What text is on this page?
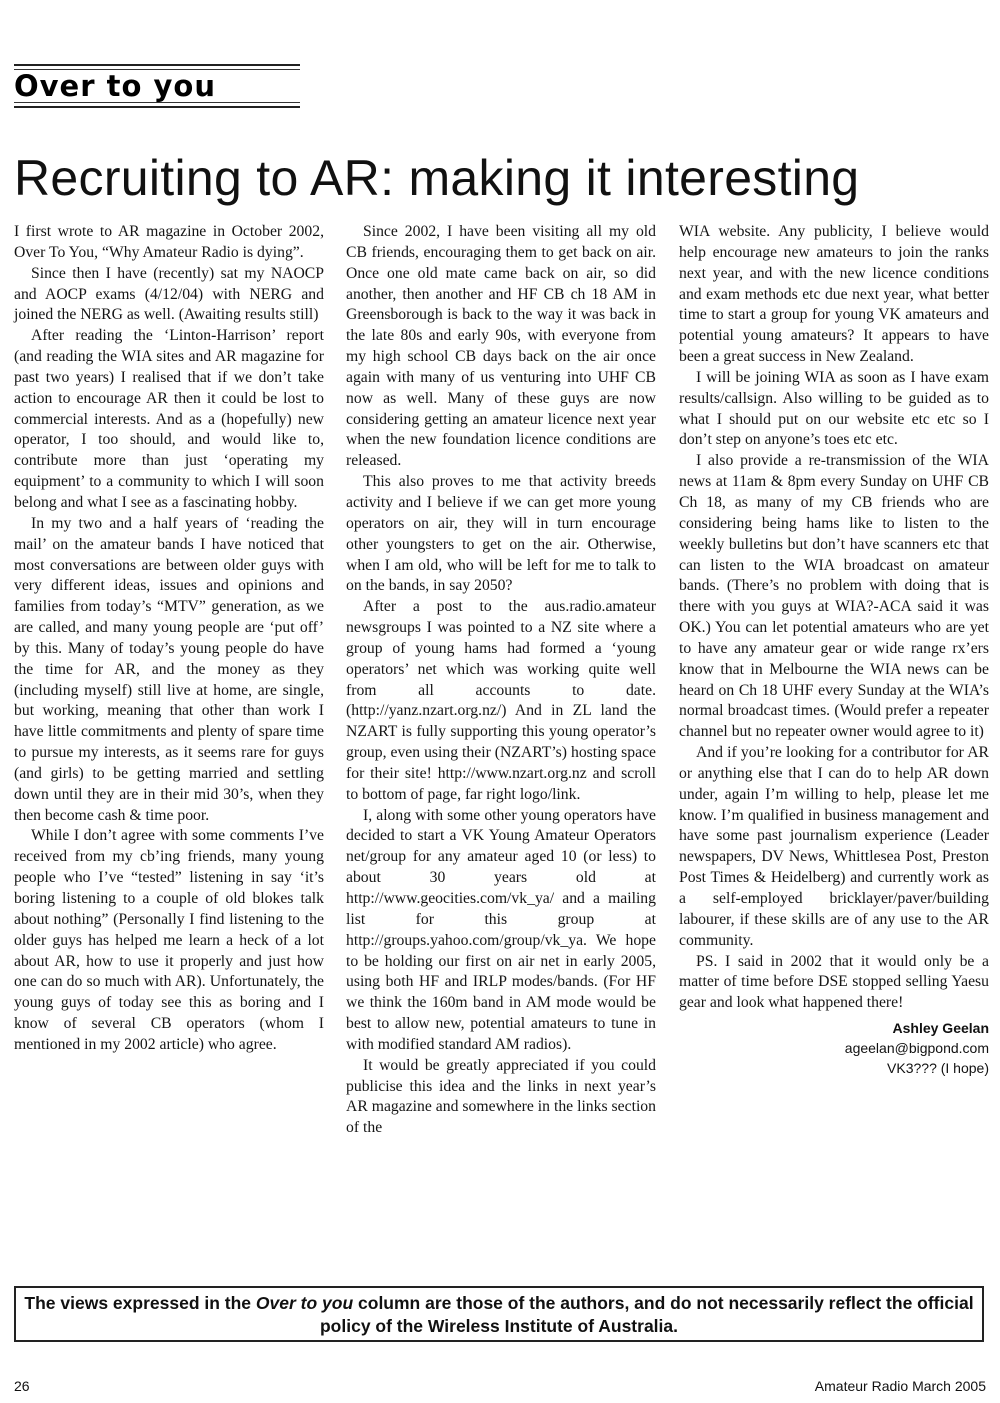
Over to you
Recruiting to AR: making it interesting

I first wrote to AR magazine in October 2002, Over To You, “Why Amateur Radio is dying”.

Since then I have (recently) sat my NAOCP and AOCP exams (4/12/04) with NERG and joined the NERG as well. (Awaiting results still)

After reading the ‘Linton-Harrison’ report (and reading the WIA sites and AR magazine for past two years) I realised that if we don’t take action to encourage AR then it could be lost to commercial interests. And as a (hopefully) new operator, I too should, and would like to, contribute more than just ‘operating my equipment’ to a community to which I will soon belong and what I see as a fascinating hobby.

In my two and a half years of ‘reading the mail’ on the amateur bands I have noticed that most conversations are between older guys with very different ideas, issues and opinions and families from today’s “MTV” generation, as we are called, and many young people are ‘put off’ by this. Many of today’s young people do have the time for AR, and the money as they (including myself) still live at home, are single, but working, meaning that other than work I have little commitments and plenty of spare time to pursue my interests, as it seems rare for guys (and girls) to be getting married and settling down until they are in their mid 30’s, when they then become cash & time poor.

While I don’t agree with some comments I’ve received from my cb’ing friends, many young people who I’ve “tested” listening in say ‘it’s boring listening to a couple of old blokes talk about nothing” (Personally I find listening to the older guys has helped me learn a heck of a lot about AR, how to use it properly and just how one can do so much with AR). Unfortunately, the young guys of today see this as boring and I know of several CB operators (whom I mentioned in my 2002 article) who agree.

Since 2002, I have been visiting all my old CB friends, encouraging them to get back on air. Once one old mate came back on air, so did another, then another and HF CB ch 18 AM in Greensborough is back to the way it was back in the late 80s and early 90s, with everyone from my high school CB days back on the air once again with many of us venturing into UHF CB now as well. Many of these guys are now considering getting an amateur licence next year when the new foundation licence conditions are released.

This also proves to me that activity breeds activity and I believe if we can get more young operators on air, they will in turn encourage other youngsters to get on the air. Otherwise, when I am old, who will be left for me to talk to on the bands, in say 2050?

After a post to the aus.radio.amateur newsgroups I was pointed to a NZ site where a group of young hams had formed a ‘young operators’ net which was working quite well from all accounts to date. (http://yanz.nzart.org.nz/) And in ZL land the NZART is fully supporting this young operator’s group, even using their (NZART’s) hosting space for their site! http://www.nzart.org.nz and scroll to bottom of page, far right logo/link.

I, along with some other young operators have decided to start a VK Young Amateur Operators net/group for any amateur aged 10 (or less) to about 30 years old at http://www.geocities.com/vk_ya/ and a mailing list for this group at http://groups.yahoo.com/group/vk_ya. We hope to be holding our first on air net in early 2005, using both HF and IRLP modes/bands. (For HF we think the 160m band in AM mode would be best to allow new, potential amateurs to tune in with modified standard AM radios).

It would be greatly appreciated if you could publicise this idea and the links in next year’s AR magazine and somewhere in the links section of the

WIA website. Any publicity, I believe would help encourage new amateurs to join the ranks next year, and with the new licence conditions and exam methods etc due next year, what better time to start a group for young VK amateurs and potential young amateurs? It appears to have been a great success in New Zealand.

I will be joining WIA as soon as I have exam results/callsign. Also willing to be guided as to what I should put on our website etc etc so I don’t step on anyone’s toes etc etc.

I also provide a re-transmission of the WIA news at 11am & 8pm every Sunday on UHF CB Ch 18, as many of my CB friends who are considering being hams like to listen to the weekly bulletins but don’t have scanners etc that can listen to the WIA broadcast on amateur bands. (There’s no problem with doing that is there with you guys at WIA?-ACA said it was OK.) You can let potential amateurs who are yet to have any amateur gear or wide range rx’ers know that in Melbourne the WIA news can be heard on Ch 18 UHF every Sunday at the WIA’s normal broadcast times. (Would prefer a repeater channel but no repeater owner would agree to it)

And if you’re looking for a contributor for AR or anything else that I can do to help AR down under, again I’m willing to help, please let me know. I’m qualified in business management and have some past journalism experience (Leader newspapers, DV News, Whittlesea Post, Preston Post Times & Heidelberg) and currently work as a self-employed bricklayer/paver/building labourer, if these skills are of any use to the AR community.

PS. I said in 2002 that it would only be a matter of time before DSE stopped selling Yaesu gear and look what happened there!

Ashley Geelan
ageelan@bigpond.com
VK3??? (I hope)
The views expressed in the Over to you column are those of the authors, and do not necessarily reflect the official policy of the Wireless Institute of Australia.
26	Amateur Radio March 2005
